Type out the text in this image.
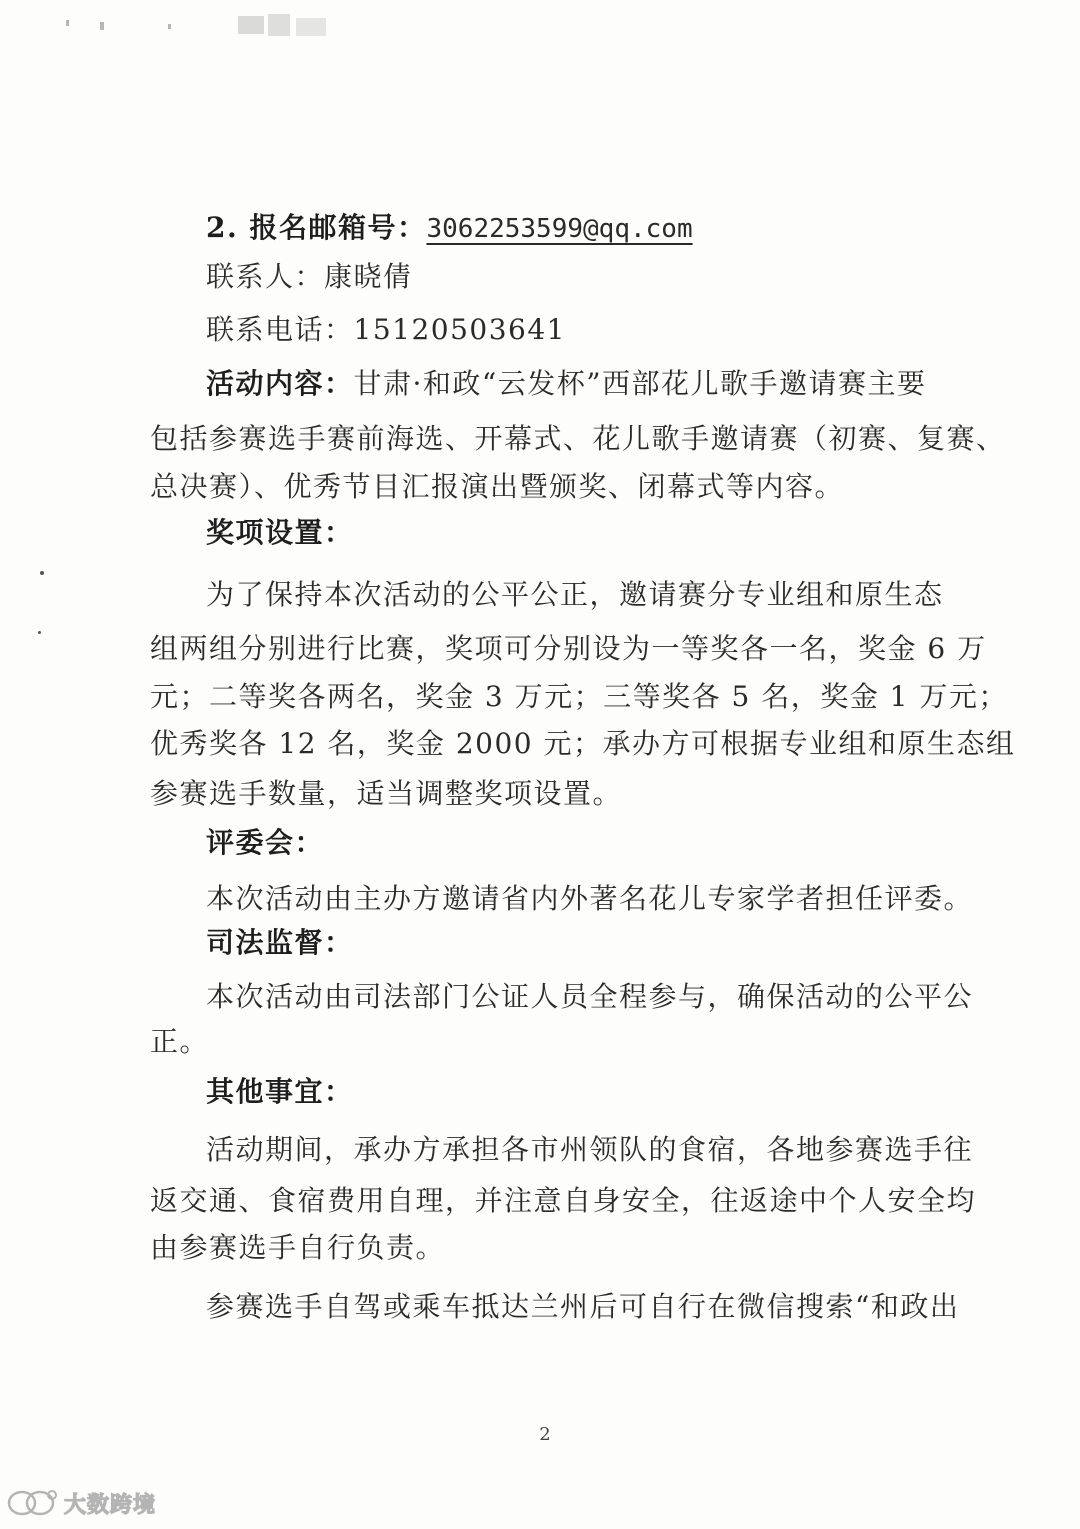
2. 报名邮箱号：3062253599@qq.com
联系人：康晓倩
联系电话：15120503641
活动内容：甘肃·和政“云发杯”西部花儿歌手邀请赛主要
包括参赛选手赛前海选、开幕式、花儿歌手邀请赛（初赛、复赛、
总决赛）、优秀节目汇报演出暨颁奖、闭幕式等内容。
奖项设置：
为了保持本次活动的公平公正，邀请赛分专业组和原生态
组两组分别进行比赛，奖项可分别设为一等奖各一名，奖金 6 万
元；二等奖各两名，奖金 3 万元；三等奖各 5 名，奖金 1 万元；
优秀奖各 12 名，奖金 2000 元；承办方可根据专业组和原生态组
参赛选手数量，适当调整奖项设置。
评委会：
本次活动由主办方邀请省内外著名花儿专家学者担任评委。
司法监督：
本次活动由司法部门公证人员全程参与，确保活动的公平公
正。
其他事宜：
活动期间，承办方承担各市州领队的食宿，各地参赛选手往
返交通、食宿费用自理，并注意自身安全，往返途中个人安全均
由参赛选手自行负责。
参赛选手自驾或乘车抵达兰州后可自行在微信搜索“和政出
2
大数跨境
